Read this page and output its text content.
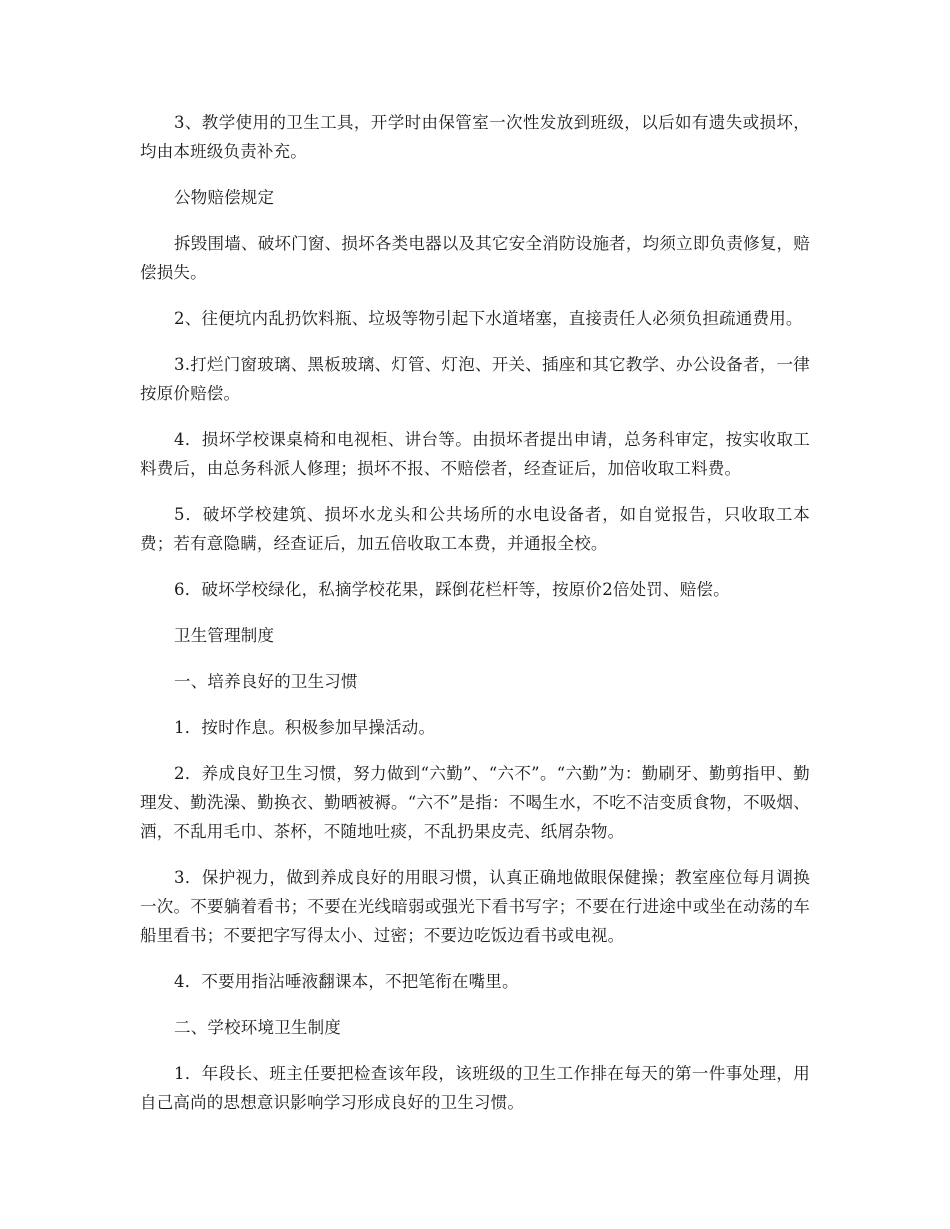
3、教学使用的卫生工具，开学时由保管室一次性发放到班级，以后如有遗失或损坏，均由本班级负责补充。

公物赔偿规定

拆毁围墙、破坏门窗、损坏各类电器以及其它安全消防设施者，均须立即负责修复，赔偿损失。

2、往便坑内乱扔饮料瓶、垃圾等物引起下水道堵塞，直接责任人必须负担疏通费用。

3.打烂门窗玻璃、黑板玻璃、灯管、灯泡、开关、插座和其它教学、办公设备者，一律按原价赔偿。

4．损坏学校课桌椅和电视柜、讲台等。由损坏者提出申请，总务科审定，按实收取工料费后，由总务科派人修理；损坏不报、不赔偿者，经查证后，加倍收取工料费。

5．破坏学校建筑、损坏水龙头和公共场所的水电设备者，如自觉报告，只收取工本费；若有意隐瞒，经查证后，加五倍收取工本费，并通报全校。

6．破坏学校绿化，私摘学校花果，踩倒花栏杆等，按原价2倍处罚、赔偿。

卫生管理制度

一、培养良好的卫生习惯

1．按时作息。积极参加早操活动。

2．养成良好卫生习惯，努力做到“六勤”、“六不”。“六勤”为：勤刷牙、勤剪指甲、勤理发、勤洗澡、勤换衣、勤晒被褥。“六不”是指：不喝生水，不吃不洁变质食物，不吸烟、酒，不乱用毛巾、茶杯，不随地吐痰，不乱扔果皮壳、纸屑杂物。

3．保护视力，做到养成良好的用眼习惯，认真正确地做眼保健操；教室座位每月调换一次。不要躺着看书；不要在光线暗弱或强光下看书写字；不要在行进途中或坐在动荡的车船里看书；不要把字写得太小、过密；不要边吃饭边看书或电视。

4．不要用指沾唾液翻课本，不把笔衔在嘴里。

二、学校环境卫生制度

1．年段长、班主任要把检查该年段，该班级的卫生工作排在每天的第一件事处理，用自己高尚的思想意识影响学习形成良好的卫生习惯。
